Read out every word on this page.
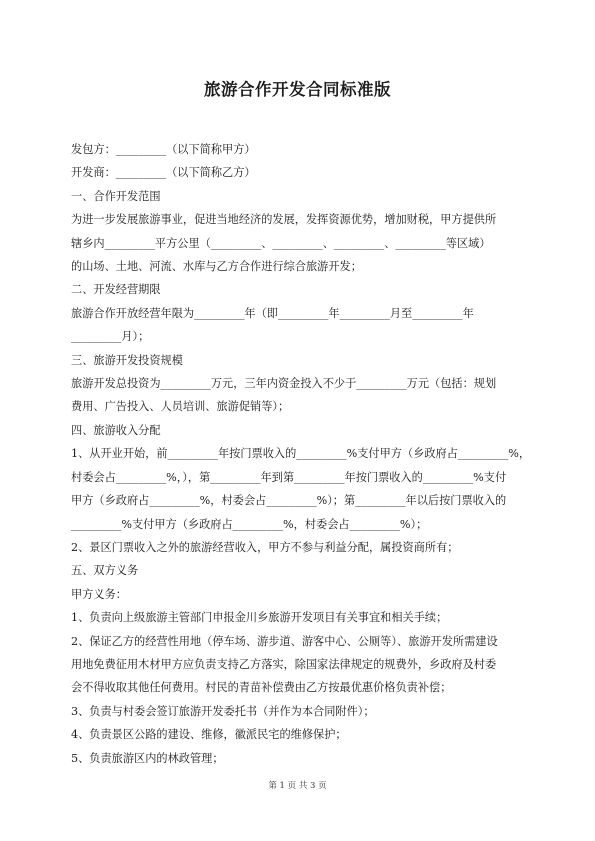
旅游合作开发合同标准版
发包方：_________（以下简称甲方）
开发商：_________（以下简称乙方）
一、合作开发范围
为进一步发展旅游事业，促进当地经济的发展，发挥资源优势，增加财税，甲方提供所
辖乡内_________平方公里（_________、_________、_________、_________等区域）
的山场、土地、河流、水库与乙方合作进行综合旅游开发；
二、开发经营期限
旅游合作开放经营年限为_________年（即_________年_________月至_________年
_________月）；
三、旅游开发投资规模
旅游开发总投资为_________万元，三年内资金投入不少于_________万元（包括：规划
费用、广告投入、人员培训、旅游促销等）；
四、旅游收入分配
1、从开业开始，前_________年按门票收入的_________%支付甲方（乡政府占_________%，
村委会占_________%，），第_________年到第_________年按门票收入的_________%支付
甲方（乡政府占_________%，村委会占_________%）；第_________年以后按门票收入的
_________%支付甲方（乡政府占_________%，村委会占_________%）；
2、景区门票收入之外的旅游经营收入，甲方不参与利益分配，属投资商所有；
五、双方义务
甲方义务：
1、负责向上级旅游主管部门申报金川乡旅游开发项目有关事宜和相关手续；
2、保证乙方的经营性用地（停车场、游步道、游客中心、公厕等）、旅游开发所需建设
用地免费征用木材甲方应负责支持乙方落实，除国家法律规定的规费外，乡政府及村委
会不得收取其他任何费用。村民的青苗补偿费由乙方按最优惠价格负责补偿；
3、负责与村委会签订旅游开发委托书（并作为本合同附件）；
4、负责景区公路的建设、维修，徽派民宅的维修保护；
5、负责旅游区内的林政管理；
第 1 页 共 3 页
